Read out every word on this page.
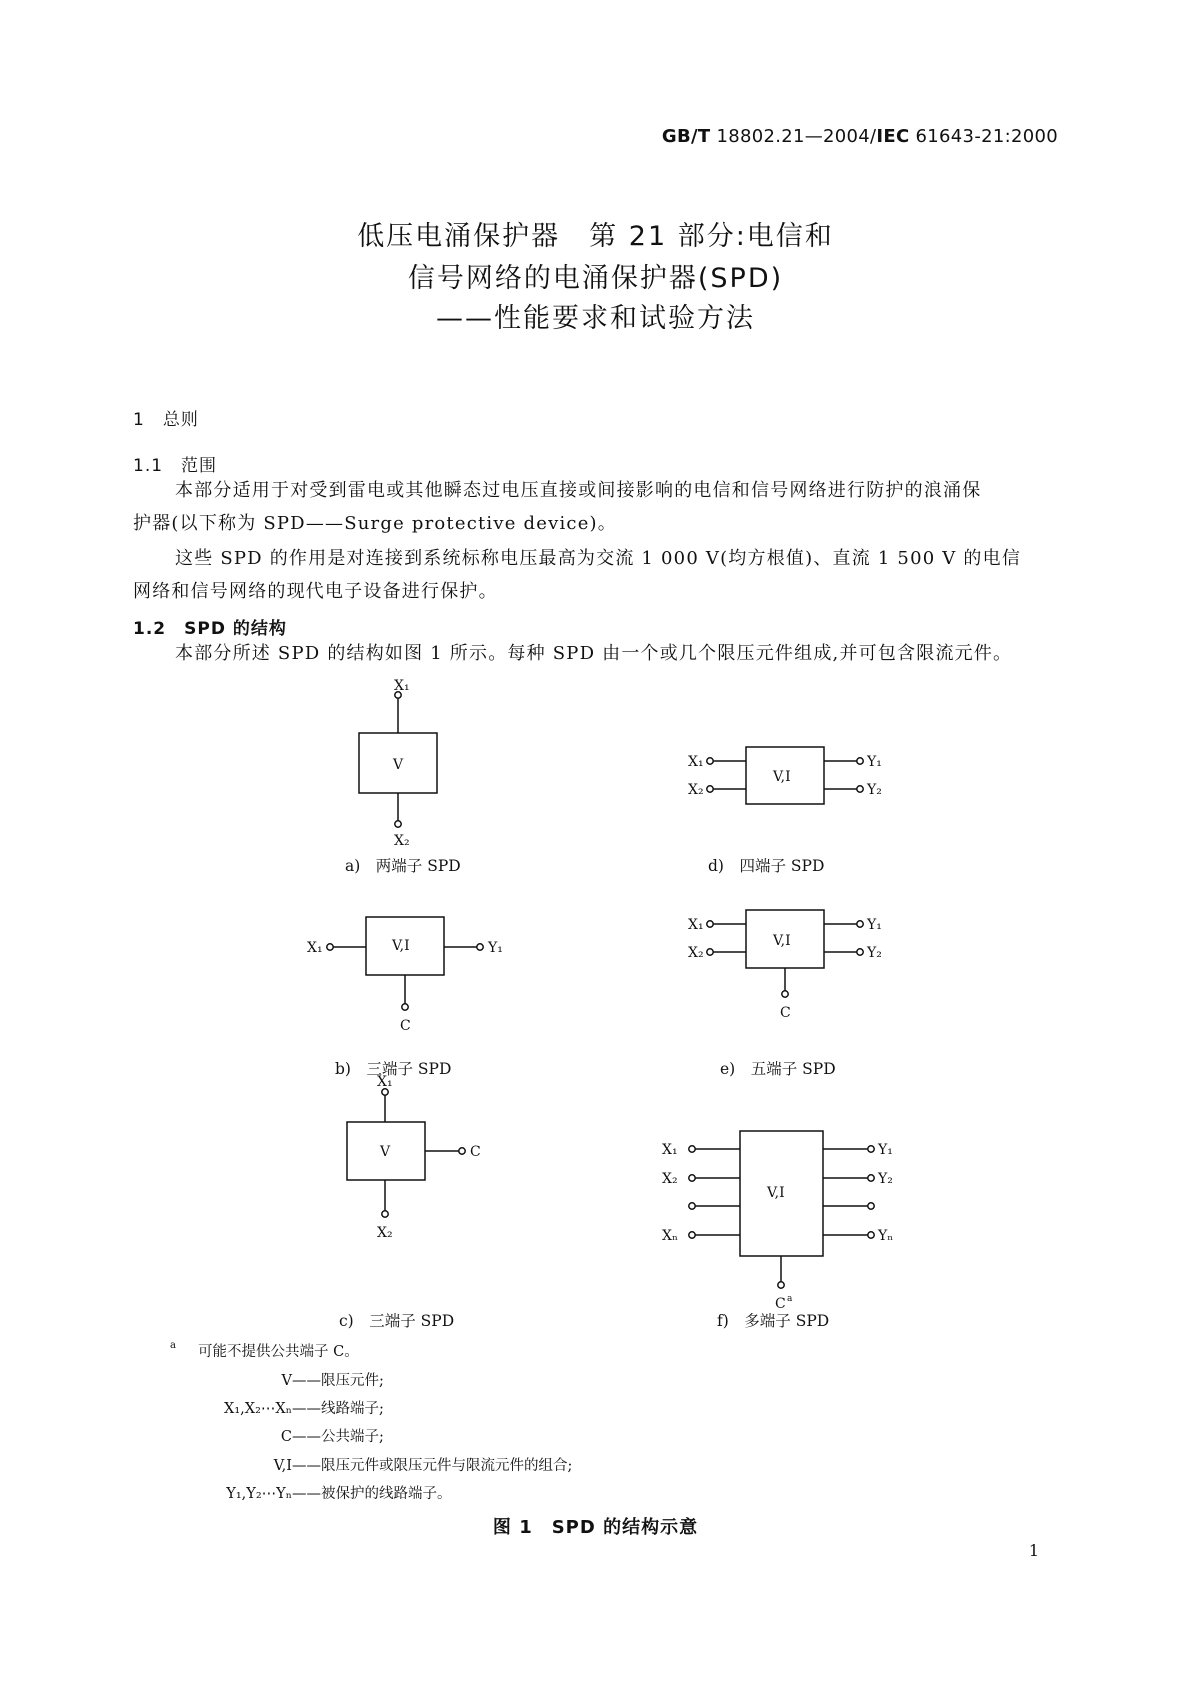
GB/T 18802.21—2004/IEC 61643-21:2000
低压电涌保护器　第 21 部分:电信和
信号网络的电涌保护器(SPD)
——性能要求和试验方法
1　总则
1.1　范围
本部分适用于对受到雷电或其他瞬态过电压直接或间接影响的电信和信号网络进行防护的浪涌保
护器(以下称为 SPD——Surge protective device)。
这些 SPD 的作用是对连接到系统标称电压最高为交流 1 000 V(均方根值)、直流 1 500 V 的电信
网络和信号网络的现代电子设备进行保护。
1.2　SPD 的结构
本部分所述 SPD 的结构如图 1 所示。每种 SPD 由一个或几个限压元件组成,并可包含限流元件。
X₁
V
X₂
X₁
X₂
V,I
Y₁
Y₂
X₁	V,I	Y₁
C
X₁
X₂
V,I
Y₁
Y₂
C
X₁
V
X₂
C	X₁
X₂
Xₙ
V,I
Y₁
Y₂
Yₙ
C a
a)　两端子 SPD	d)　四端子 SPD
b)　三端子 SPD	e)　五端子 SPD
c)　三端子 SPD	f)　多端子 SPD
a 可能不提供公共端子 C。
V——限压元件;
X₁,X₂⋯Xₙ——线路端子;
C——公共端子;
V,I——限压元件或限压元件与限流元件的组合;
Y₁,Y₂⋯Yₙ——被保护的线路端子。
图 1　SPD 的结构示意
1
